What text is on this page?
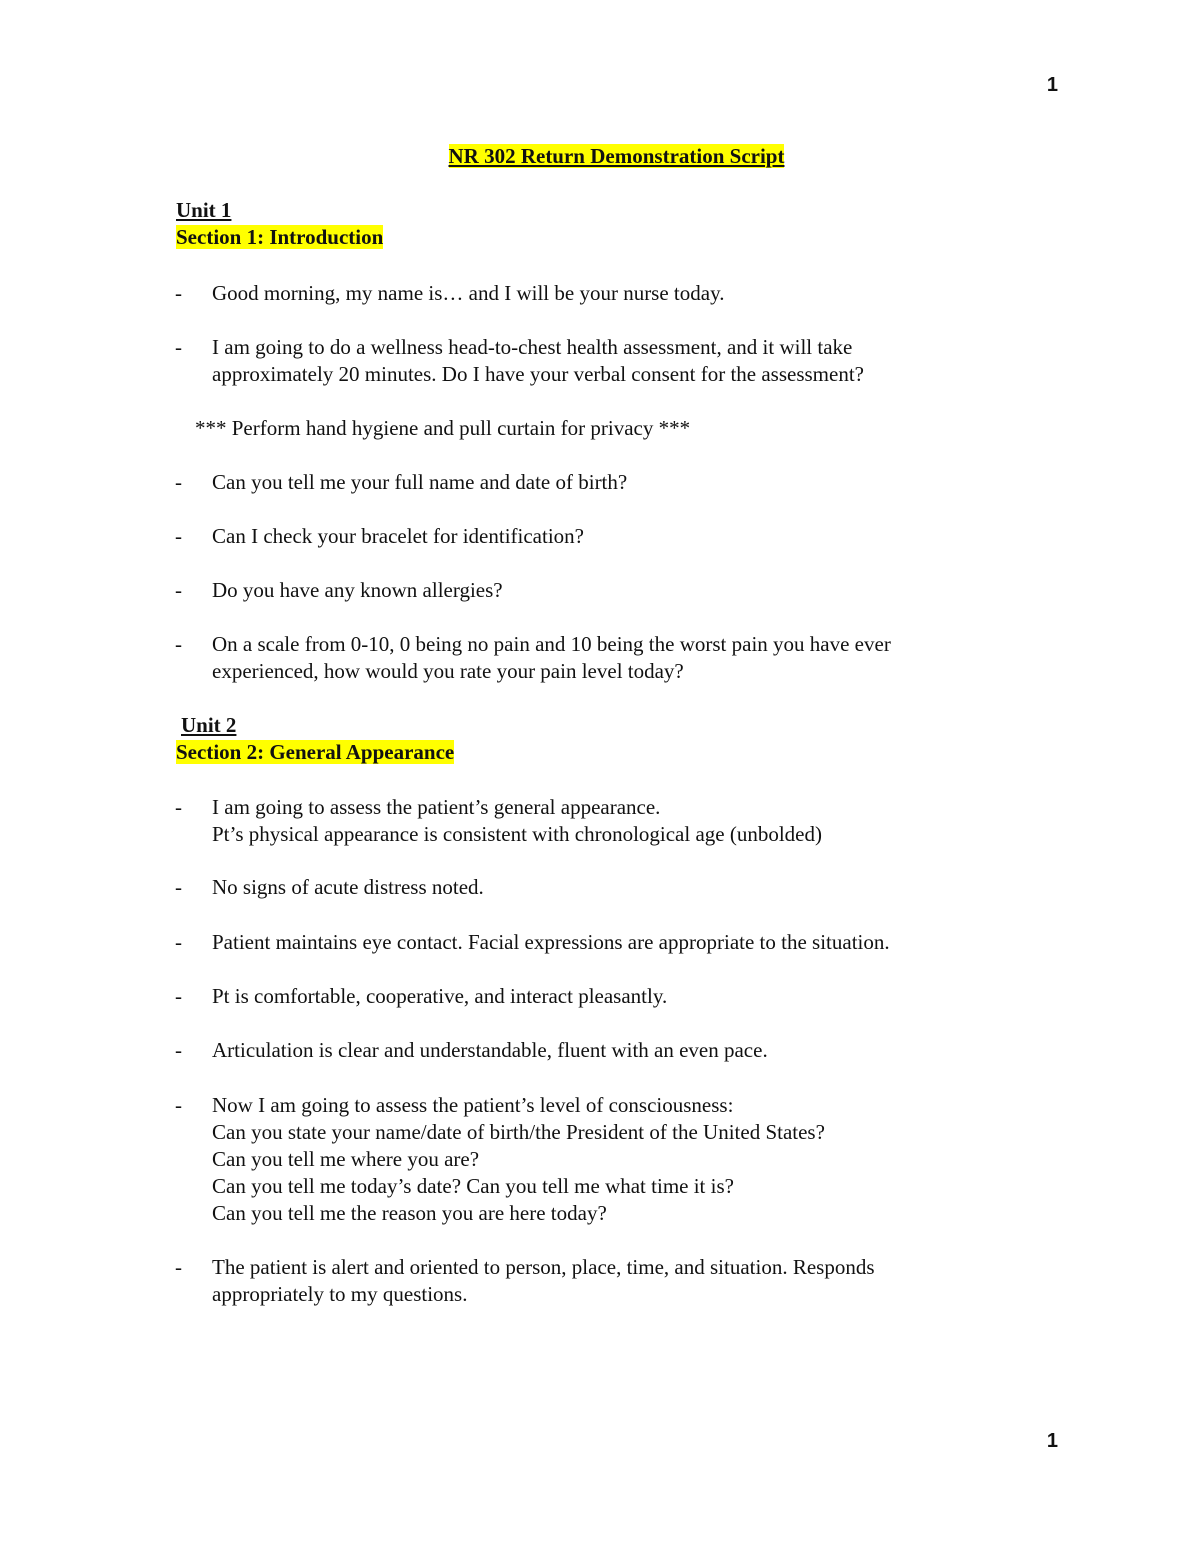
1
NR 302 Return Demonstration Script
Unit 1
Section 1: Introduction
- Good morning, my name is… and I will be your nurse today.
- I am going to do a wellness head-to-chest health assessment, and it will take
approximately 20 minutes. Do I have your verbal consent for the assessment?
*** Perform hand hygiene and pull curtain for privacy ***
- Can you tell me your full name and date of birth?
- Can I check your bracelet for identification?
- Do you have any known allergies?
- On a scale from 0-10, 0 being no pain and 10 being the worst pain you have ever
experienced, how would you rate your pain level today?
Unit 2
Section 2: General Appearance
- I am going to assess the patient’s general appearance.
Pt’s physical appearance is consistent with chronological age (unbolded)
- No signs of acute distress noted.
- Patient maintains eye contact. Facial expressions are appropriate to the situation.
- Pt is comfortable, cooperative, and interact pleasantly.
- Articulation is clear and understandable, fluent with an even pace.
- Now I am going to assess the patient’s level of consciousness:
Can you state your name/date of birth/the President of the United States?
Can you tell me where you are?
Can you tell me today’s date? Can you tell me what time it is?
Can you tell me the reason you are here today?
- The patient is alert and oriented to person, place, time, and situation. Responds
appropriately to my questions.
1
